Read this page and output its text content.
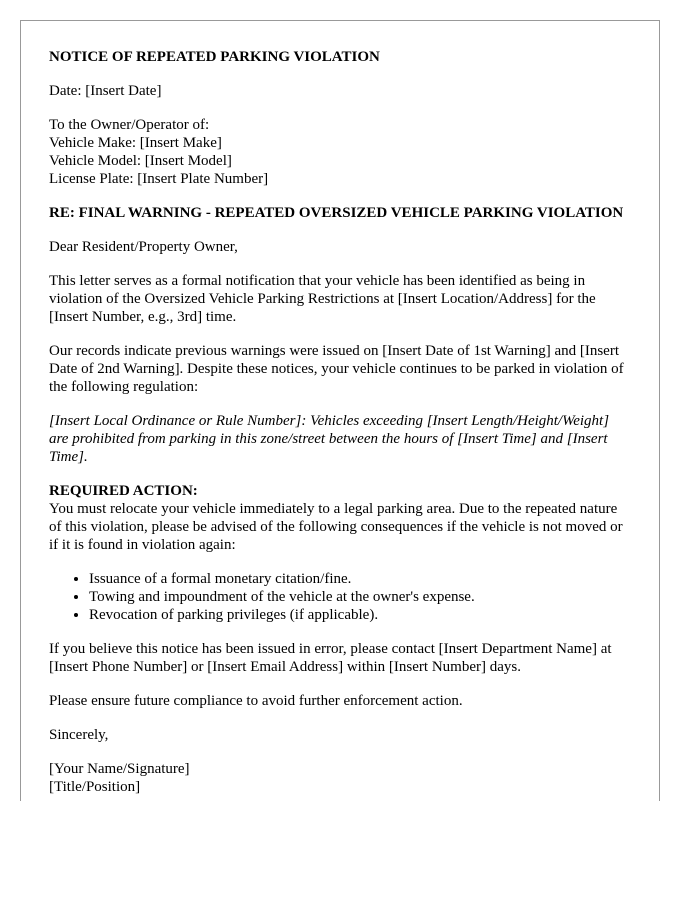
NOTICE OF REPEATED PARKING VIOLATION

Date: [Insert Date]

To the Owner/Operator of:
Vehicle Make: [Insert Make]
Vehicle Model: [Insert Model]
License Plate: [Insert Plate Number]

RE: FINAL WARNING - REPEATED OVERSIZED VEHICLE PARKING VIOLATION

Dear Resident/Property Owner,

This letter serves as a formal notification that your vehicle has been identified as being in violation of the Oversized Vehicle Parking Restrictions at [Insert Location/Address] for the [Insert Number, e.g., 3rd] time.

Our records indicate previous warnings were issued on [Insert Date of 1st Warning] and [Insert Date of 2nd Warning]. Despite these notices, your vehicle continues to be parked in violation of the following regulation:

[Insert Local Ordinance or Rule Number]: Vehicles exceeding [Insert Length/Height/Weight] are prohibited from parking in this zone/street between the hours of [Insert Time] and [Insert Time].

REQUIRED ACTION:
You must relocate your vehicle immediately to a legal parking area. Due to the repeated nature of this violation, please be advised of the following consequences if the vehicle is not moved or if it is found in violation again:

• Issuance of a formal monetary citation/fine.
• Towing and impoundment of the vehicle at the owner's expense.
• Revocation of parking privileges (if applicable).

If you believe this notice has been issued in error, please contact [Insert Department Name] at [Insert Phone Number] or [Insert Email Address] within [Insert Number] days.

Please ensure future compliance to avoid further enforcement action.

Sincerely,

[Your Name/Signature]
[Title/Position]
